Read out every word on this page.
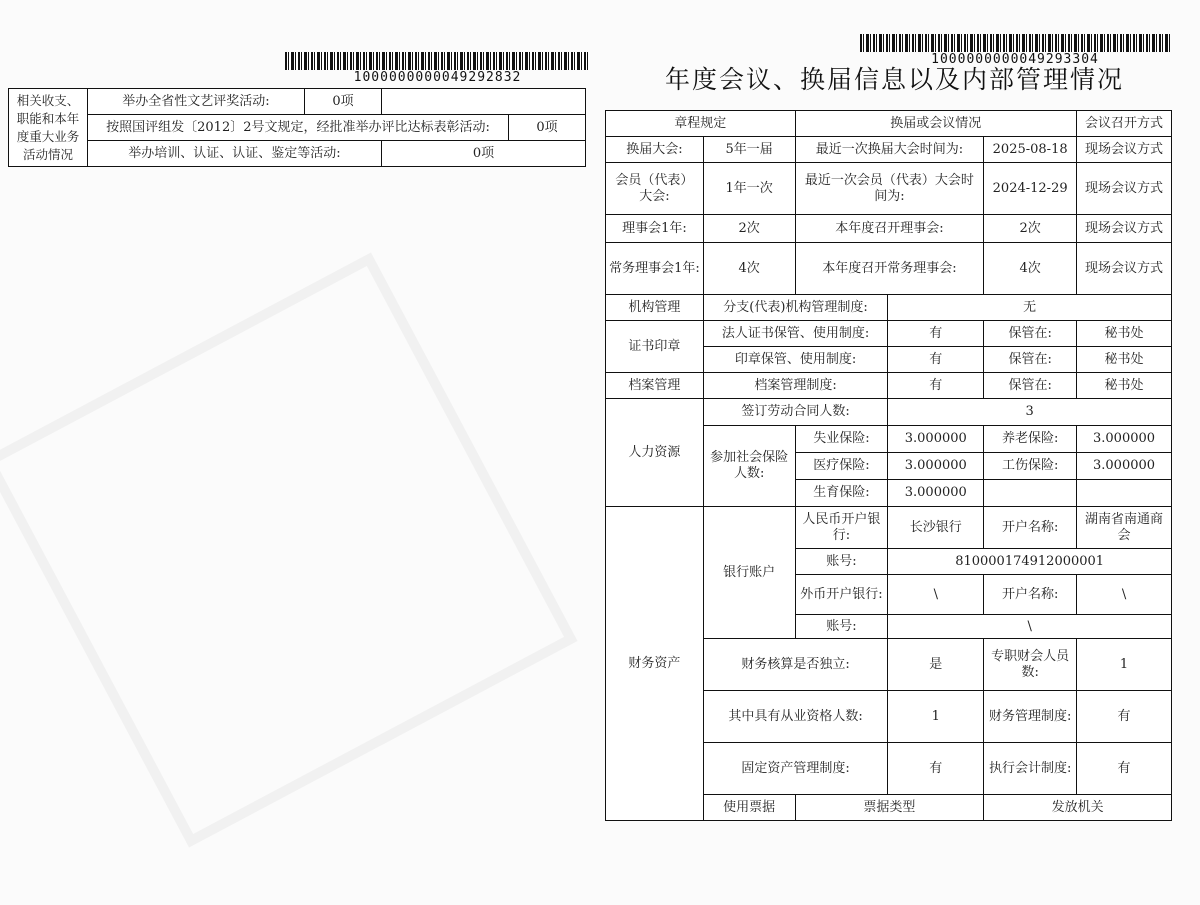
1000000000049292832
相关收支、职能和本年度重大业务活动情况	举办全省性文艺评奖活动:	0项		
	按照国评组发〔2012〕2号文规定，经批准举办评比达标表彰活动:			0项
	举办培训、认证、认证、鉴定等活动:		0项	
1000000000049293304
年度会议、换届信息以及内部管理情况
章程规定		换届或会议情况			会议召开方式
换届大会:	5年一届	最近一次换届大会时间为:		2025-08-18	现场会议方式
会员（代表）大会:	1年一次	最近一次会员（代表）大会时间为:		2024-12-29	现场会议方式
理事会1年:	2次	本年度召开理事会:		2次	现场会议方式
常务理事会1年:	4次	本年度召开常务理事会:		4次	现场会议方式
机构管理	分支(代表)机构管理制度:		无		
证书印章	法人证书保管、使用制度:		有	保管在:	秘书处
	印章保管、使用制度:		有	保管在:	秘书处
档案管理	档案管理制度:		有	保管在:	秘书处
人力资源	签订劳动合同人数:		3		
	参加社会保险人数:	失业保险:	3.000000	养老保险:	3.000000
		医疗保险:	3.000000	工伤保险:	3.000000
		生育保险:	3.000000		
财务资产	银行账户	人民币开户银行:	长沙银行	开户名称:	湖南省南通商会
		账号:	810000174912000001		
		外币开户银行:	\	开户名称:	\
		账号:	\		
	财务核算是否独立:		是	专职财会人员数:	1
	其中具有从业资格人数:		1	财务管理制度:	有
	固定资产管理制度:		有	执行会计制度:	有
	使用票据	票据类型		发放机关	
